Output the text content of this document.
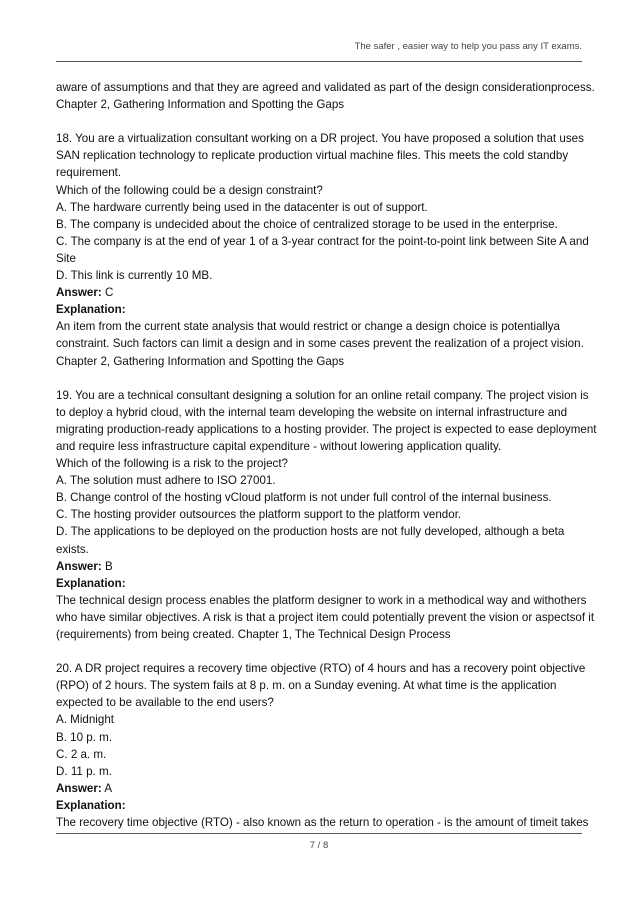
The safer , easier way to help you pass any IT exams.
aware of assumptions and that they are agreed and validated as part of the design considerationprocess.
Chapter 2, Gathering Information and Spotting the Gaps
18. You are a virtualization consultant working on a DR project. You have proposed a solution that uses
SAN replication technology to replicate production virtual machine files. This meets the cold standby
requirement.
Which of the following could be a design constraint?
A. The hardware currently being used in the datacenter is out of support.
B. The company is undecided about the choice of centralized storage to be used in the enterprise.
C. The company is at the end of year 1 of a 3-year contract for the point-to-point link between Site A and
Site
D. This link is currently 10 MB.
Answer: C
Explanation:
An item from the current state analysis that would restrict or change a design choice is potentiallya
constraint. Such factors can limit a design and in some cases prevent the realization of a project vision.
Chapter 2, Gathering Information and Spotting the Gaps
19. You are a technical consultant designing a solution for an online retail company. The project vision is
to deploy a hybrid cloud, with the internal team developing the website on internal infrastructure and
migrating production-ready applications to a hosting provider. The project is expected to ease deployment
and require less infrastructure capital expenditure - without lowering application quality.
Which of the following is a risk to the project?
A. The solution must adhere to ISO 27001.
B. Change control of the hosting vCloud platform is not under full control of the internal business.
C. The hosting provider outsources the platform support to the platform vendor.
D. The applications to be deployed on the production hosts are not fully developed, although a beta
exists.
Answer: B
Explanation:
The technical design process enables the platform designer to work in a methodical way and withothers
who have similar objectives. A risk is that a project item could potentially prevent the vision or aspectsof it
(requirements) from being created. Chapter 1, The Technical Design Process
20. A DR project requires a recovery time objective (RTO) of 4 hours and has a recovery point objective
(RPO) of 2 hours. The system fails at 8 p. m. on a Sunday evening. At what time is the application
expected to be available to the end users?
A. Midnight
B. 10 p. m.
C. 2 a. m.
D. 11 p. m.
Answer: A
Explanation:
The recovery time objective (RTO) - also known as the return to operation - is the amount of timeit takes
7 / 8
